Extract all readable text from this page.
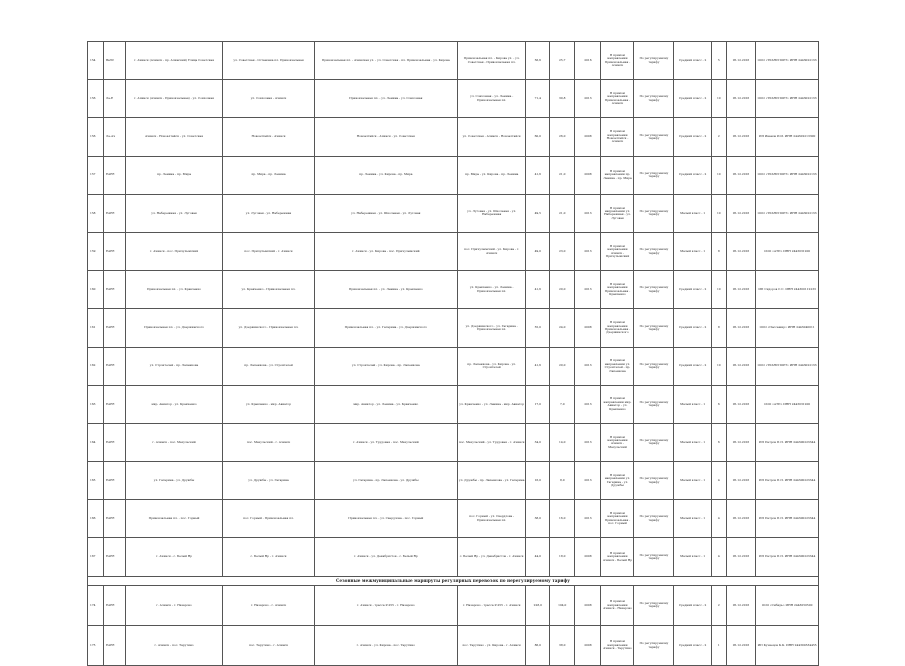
154	ВаЭС	г. Ачинск (Ачинск - пр. Ачинский) Улица Советская	ул. Советская - Остановка пл. Привокзальная	Привокзальная пл. - Ачинская ул. - ул. Советская - пл. Привокзальная - ул. Кирова	Привокзальная пл. - Кирова ул. - ул. Советская - Привокзальная пл.	56,6	25,7	2016	В прямом направлении Привокзальная - Ачинск	По регулируемому тарифу	Средний класс - 2	5	05.12.2016	ООО «ТРАНСПОРТ» ИНН 2443022133
156	Ле-Е	г. Ачинск (Ачинск - Привокзальная) - ул. Совхозная	ул. Совхозная - Ачинск	Привокзальная пл. - ул. Ленина - ул. Совхозная	ул. Совхозная - ул. Ленина - Привокзальная пл.	71,4	30,8	2013	В прямом направлении Привокзальная - Ачинск	По регулируемому тарифу	Средний класс - 2	10	05.12.2016	ООО «ТРАНСПОРТ» ИНН 2443022133
156	Ле-Ач	Ачинск - Новоалтайск - ул. Советская	Новоалтайск - Ачинск	Новоалтайск - Ачинск - ул. Советская	ул. Советская - Ачинск - Новоалтайск	60,0	26,0	2008	В прямом направлении Новоалтайск - Ачинск	По регулируемому тарифу	Средний класс - 2	2	05.12.2016	ИП Иванов И.И. ИНН 244302213300
157	ЕАЕЕ	пр. Ленина - пр. Мира	пр. Мира - пр. Ленина	пр. Ленина - ул. Кирова - пр. Мира	пр. Мира - ул. Кирова - пр. Ленина	41,6	21,0	2008	В прямом направлении пр. Ленина - пр. Мира	По регулируемому тарифу	Средний класс - 2	10	05.12.2016	ООО «ТРАНСПОРТ» ИНН 2443022133
158	ЕАЕЕ	ул. Набережная - ул. Луговая	ул. Луговая - ул. Набережная	ул. Набережная - ул. Школьная - ул. Луговая	ул. Луговая - ул. Школьная - ул. Набережная	49,5	21,0	2013	В прямом направлении ул. Набережная - ул. Луговая	По регулируемому тарифу	Малый класс - 1	10	05.12.2016	ООО «ТРАНСПОРТ» ИНН 2443022133
159	ЕАЕЕ	г. Ачинск - пос. Причулымский	пос. Причулымский - г. Ачинск	г. Ачинск - ул. Кирова - пос. Причулымский	пос. Причулымский - ул. Кирова - г. Ачинск	49,0	23,0	2013	В прямом направлении Ачинск - Причулымский	По регулируемому тарифу	Малый класс - 1	8	05.12.2016	ООО «АТП» ИНН 2443031200
160	ЕАЕЕ	Привокзальная пл. - ул. Кравченко	ул. Кравченко - Привокзальная пл.	Привокзальная пл. - ул. Ленина - ул. Кравченко	ул. Кравченко - ул. Ленина - Привокзальная пл.	41,6	20,0	2013	В прямом направлении Привокзальная - Кравченко	По регулируемому тарифу	Средний класс - 2	10	05.12.2016	ИП Сидоров С.С. ИНН 244300112233
161	ЕАЕЕ	Привокзальная пл. - ул. Дзержинского	ул. Дзержинского - Привокзальная пл.	Привокзальная пл. - ул. Гагарина - ул. Дзержинского	ул. Дзержинского - ул. Гагарина - Привокзальная пл.	55,0	24,0	2008	В прямом направлении Привокзальная - Дзержинского	По регулируемому тарифу	Средний класс - 2	8	05.12.2016	ООО «Пассажир» ИНН 2443040011
162	ЕАЕЕ	ул. Строителей - пр. Лапенкова	пр. Лапенкова - ул. Строителей	ул. Строителей - ул. Кирова - пр. Лапенкова	пр. Лапенкова - ул. Кирова - ул. Строителей	41,6	20,0	2013	В прямом направлении ул. Строителей - пр. Лапенкова	По регулируемому тарифу	Средний класс - 2	10	05.12.2016	ООО «ТРАНСПОРТ» ИНН 2443022133
163	ЕАЕЕ	мкр. Авиатор - ул. Кравченко	ул. Кравченко - мкр. Авиатор	мкр. Авиатор - ул. Ленина - ул. Кравченко	ул. Кравченко - ул. Ленина - мкр. Авиатор	17,0	7,0	2013	В прямом направлении мкр. Авиатор - ул. Кравченко	По регулируемому тарифу	Малый класс - 1	6	05.12.2016	ООО «АТП» ИНН 2443031200
164	ЕАЕЕ	г. Ачинск - пос. Мазульский	пос. Мазульский - г. Ачинск	г. Ачинск - ул. Трудовая - пос. Мазульский	пос. Мазульский - ул. Трудовая - г. Ачинск	34,0	14,0	2013	В прямом направлении Ачинск - Мазульский	По регулируемому тарифу	Малый класс - 1	6	05.12.2016	ИП Петров П.П. ИНН 244300223344
165	ЕАЕЕ	ул. Гагарина - ул. Дружбы	ул. Дружбы - ул. Гагарина	ул. Гагарина - пр. Лапенкова - ул. Дружбы	ул. Дружбы - пр. Лапенкова - ул. Гагарина	16,0	8,0	2013	В прямом направлении ул. Гагарина - ул. Дружбы	По регулируемому тарифу	Малый класс - 1	4	05.12.2016	ИП Петров П.П. ИНН 244300223344
166	ЕАЕЕ	Привокзальная пл. - пос. Горный	пос. Горный - Привокзальная пл.	Привокзальная пл. - ул. Свердлова - пос. Горный	пос. Горный - ул. Свердлова - Привокзальная пл.	38,0	16,0	2013	В прямом направлении Привокзальная - пос. Горный	По регулируемому тарифу	Малый класс - 1	4	05.12.2016	ИП Петров П.П. ИНН 244300223344
167	ЕАЕЕ	г. Ачинск - с. Белый Яр	с. Белый Яр - г. Ачинск	г. Ачинск - ул. Декабристов - с. Белый Яр	с. Белый Яр - ул. Декабристов - г. Ачинск	44,0	18,0	2008	В прямом направлении Ачинск - Белый Яр	По регулируемому тарифу	Малый класс - 1	4	05.12.2016	ИП Петров П.П. ИНН 244300223344
Сезонные межмуниципальные маршруты регулярных перевозок по нерегулируемому тарифу														
174	ЕАЕЕ	г. Ачинск - г. Назарово	г. Назарово - г. Ачинск	г. Ачинск - трасса Р-255 - г. Назарово	г. Назарово - трасса Р-255 - г. Ачинск	228,0	104,0	2008	В прямом направлении Ачинск - Назарово	По регулируемому тарифу	Средний класс - 2	2	05.12.2016	ООО «Сибирь» ИНН 2443050500
175	ЕАЕЕ	г. Ачинск - пос. Тарутино	пос. Тарутино - г. Ачинск	г. Ачинск - ул. Кирова - пос. Тарутино	пос. Тарутино - ул. Кирова - г. Ачинск	86,0	38,0	2008	В прямом направлении Ачинск - Тарутино	По регулируемому тарифу	Средний класс - 2	1	05.12.2016	ИП Кузнецов К.К. ИНН 244300334455
